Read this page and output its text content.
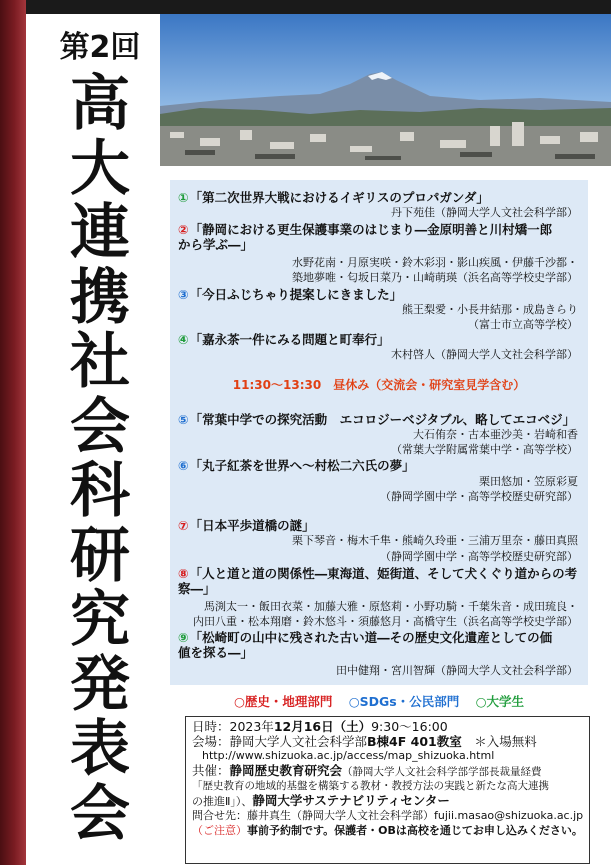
第2回
高
大
連
携
社
会
科
研
究
発
表
会
①「第二次世界大戦におけるイギリスのプロパガンダ」
丹下苑佳（静岡大学人文社会科学部）
②「静岡における更生保護事業のはじまり―金原明善と川村矯一郎
から学ぶ―」
水野花南・月原実咲・鈴木彩羽・影山疾風・伊藤千沙都・
築地夢唯・匂坂日菜乃・山崎萌瑛（浜名高等学校史学部）
③「今日ふじちゃり提案しにきました」
熊王梨愛・小長井結那・成島きらり
（富士市立高等学校）
④「嘉永茶一件にみる問題と町奉行」
木村啓人（静岡大学人文社会科学部）
11:30～13:30　昼休み（交流会・研究室見学含む）
⑤「常葉中学での探究活動　エコロジーベジタブル、略してエコベジ」
大石侑奈・古本亜沙美・岩崎和香
（常葉大学附属常葉中学・高等学校）
⑥「丸子紅茶を世界へ～村松二六氏の夢」
栗田悠加・笠原彩夏
（静岡学園中学・高等学校歴史研究部）
⑦「日本平歩道橋の謎」
栗下琴音・梅木千隼・熊崎久玲亜・三浦万里奈・藤田真照
（静岡学園中学・高等学校歴史研究部）
⑧「人と道と道の関係性―東海道、姫街道、そして犬くぐり道からの考
察―」
馬渕太一・飯田衣菜・加藤大雅・原悠莉・小野功騎・千葉朱音・成田琉良・
内田八重・松本翔磨・鈴木悠斗・須藤悠月・高橋守生（浜名高等学校史学部）
⑨「松崎町の山中に残された古い道―その歴史文化遺産としての価
値を探る―」
田中健翔・宮川智輝（静岡大学人文社会科学部）
○歴史・地理部門 ○SDGs・公民部門 ○大学生
日時：2023年12月16日（土）9:30～16:00
会場：静岡大学人文社会科学部B棟4F 401教室　 ＊入場無料
http://www.shizuoka.ac.jp/access/map_shizuoka.html
共催：静岡歴史教育研究会（静岡大学人文社会科学部学部長裁量経費
「歴史教育の地域的基盤を構築する教材・教授方法の実践と新たな高大連携
の推進Ⅱ」）、静岡大学サステナビリティセンター
問合せ先：藤井真生（静岡大学人文社会科学部）fujii.masao@shizuoka.ac.jp
（ご注意）事前予約制です。保護者・OBは高校を通じてお申し込みください。
